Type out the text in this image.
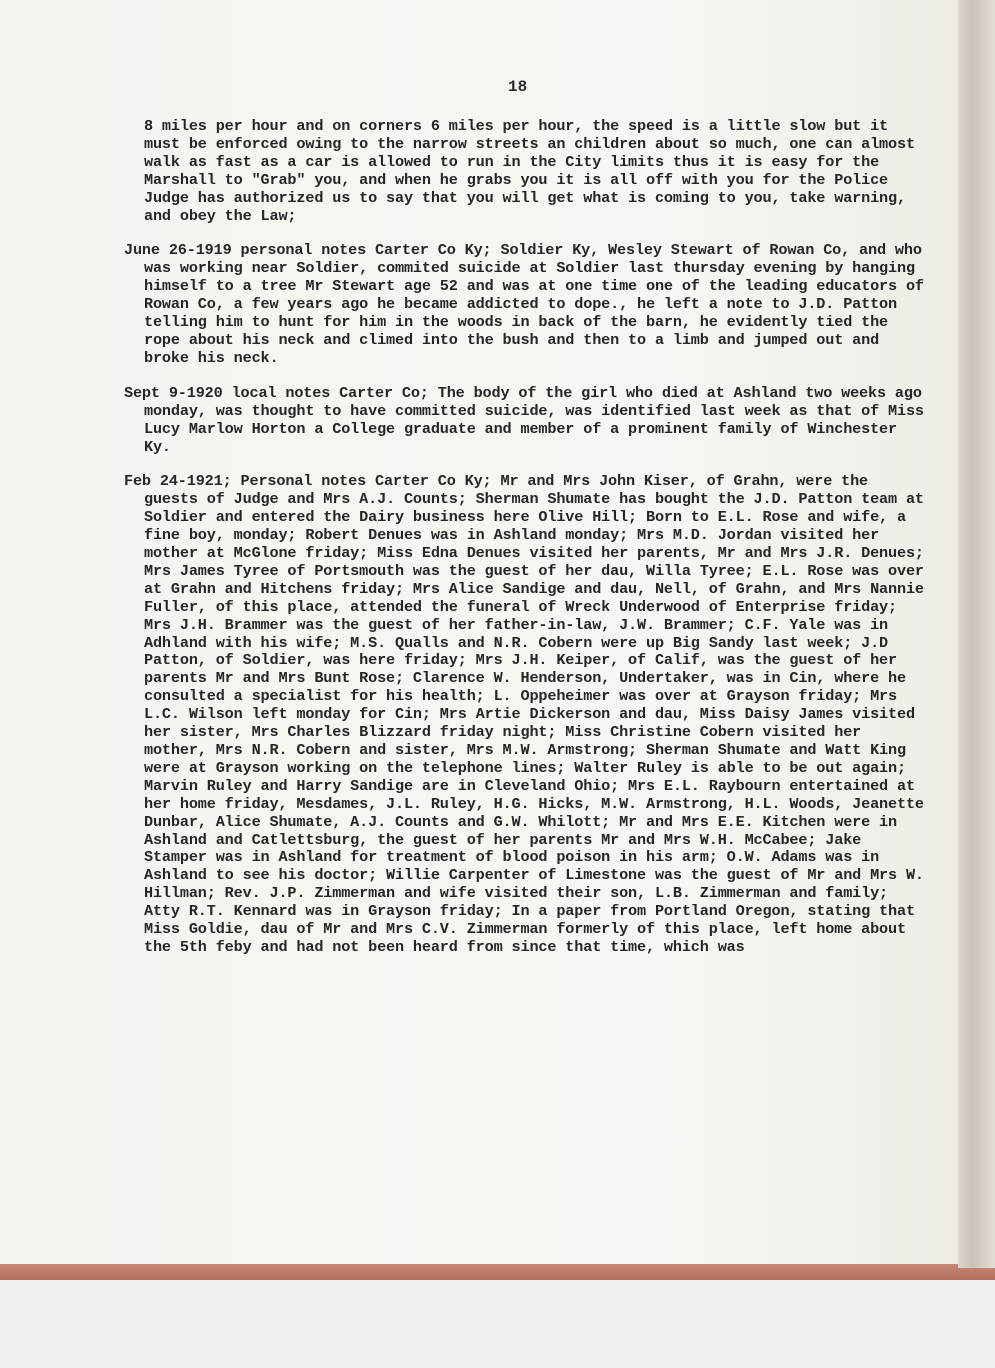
18

8 miles per hour and on corners 6 miles per hour, the speed is a little slow but it must be enforced owing to the narrow streets an children about so much, one can almost walk as fast as a car is allowed to run in the City limits thus it is easy for the Marshall to "Grab" you, and when he grabs you it is all off with you for the Police Judge has authorized us to say that you will get what is coming to you, take warning, and obey the Law;

June 26-1919 personal notes Carter Co Ky; Soldier Ky, Wesley Stewart of Rowan Co, and who was working near Soldier, commited suicide at Soldier last thursday evening by hanging himself to a tree Mr Stewart age 52 and was at one time one of the leading educators of Rowan Co, a few years ago he became addicted to dope., he left a note to J.D. Patton telling him to hunt for him in the woods in back of the barn, he evidently tied the rope about his neck and climed into the bush and then to a limb and jumped out and broke his neck.

Sept 9-1920 local notes Carter Co; The body of the girl who died at Ashland two weeks ago monday, was thought to have committed suicide, was identified last week as that of Miss Lucy Marlow Horton a College graduate and member of a prominent family of Winchester Ky.

Feb 24-1921; Personal notes Carter Co Ky; Mr and Mrs John Kiser, of Grahn, were the guests of Judge and Mrs A.J. Counts; Sherman Shumate has bought the J.D. Patton team at Soldier and entered the Dairy business here Olive Hill; Born to E.L. Rose and wife, a fine boy, monday; Robert Denues was in Ashland monday; Mrs M.D. Jordan visited her mother at McGlone friday; Miss Edna Denues visited her parents, Mr and Mrs J.R. Denues; Mrs James Tyree of Portsmouth was the guest of her dau, Willa Tyree; E.L. Rose was over at Grahn and Hitchens friday; Mrs Alice Sandige and dau, Nell, of Grahn, and Mrs Nannie Fuller, of this place, attended the funeral of Wreck Underwood of Enterprise friday; Mrs J.H. Brammer was the guest of her father-in-law, J.W. Brammer; C.F. Yale was in Adhland with his wife; M.S. Qualls and N.R. Cobern were up Big Sandy last week; J.D Patton, of Soldier, was here friday; Mrs J.H. Keiper, of Calif, was the guest of her parents Mr and Mrs Bunt Rose; Clarence W. Henderson, Undertaker, was in Cin, where he consulted a specialist for his health; L. Oppeheimer was over at Grayson friday; Mrs L.C. Wilson left monday for Cin; Mrs Artie Dickerson and dau, Miss Daisy James visited her sister, Mrs Charles Blizzard friday night; Miss Christine Cobern visited her mother, Mrs N.R. Cobern and sister, Mrs M.W. Armstrong; Sherman Shumate and Watt King were at Grayson working on the telephone lines; Walter Ruley is able to be out again; Marvin Ruley and Harry Sandige are in Cleveland Ohio; Mrs E.L. Raybourn entertained at her home friday, Mesdames, J.L. Ruley, H.G. Hicks, M.W. Armstrong, H.L. Woods, Jeanette Dunbar, Alice Shumate, A.J. Counts and G.W. Whilott; Mr and Mrs E.E. Kitchen were in Ashland and Catlettsburg, the guest of her parents Mr and Mrs W.H. McCabee; Jake Stamper was in Ashland for treatment of blood poison in his arm; O.W. Adams was in Ashland to see his doctor; Willie Carpenter of Limestone was the guest of Mr and Mrs W. Hillman; Rev. J.P. Zimmerman and wife visited their son, L.B. Zimmerman and family; Atty R.T. Kennard was in Grayson friday; In a paper from Portland Oregon, stating that Miss Goldie, dau of Mr and Mrs C.V. Zimmerman formerly of this place, left home about the 5th feby and had not been heard from since that time, which was
